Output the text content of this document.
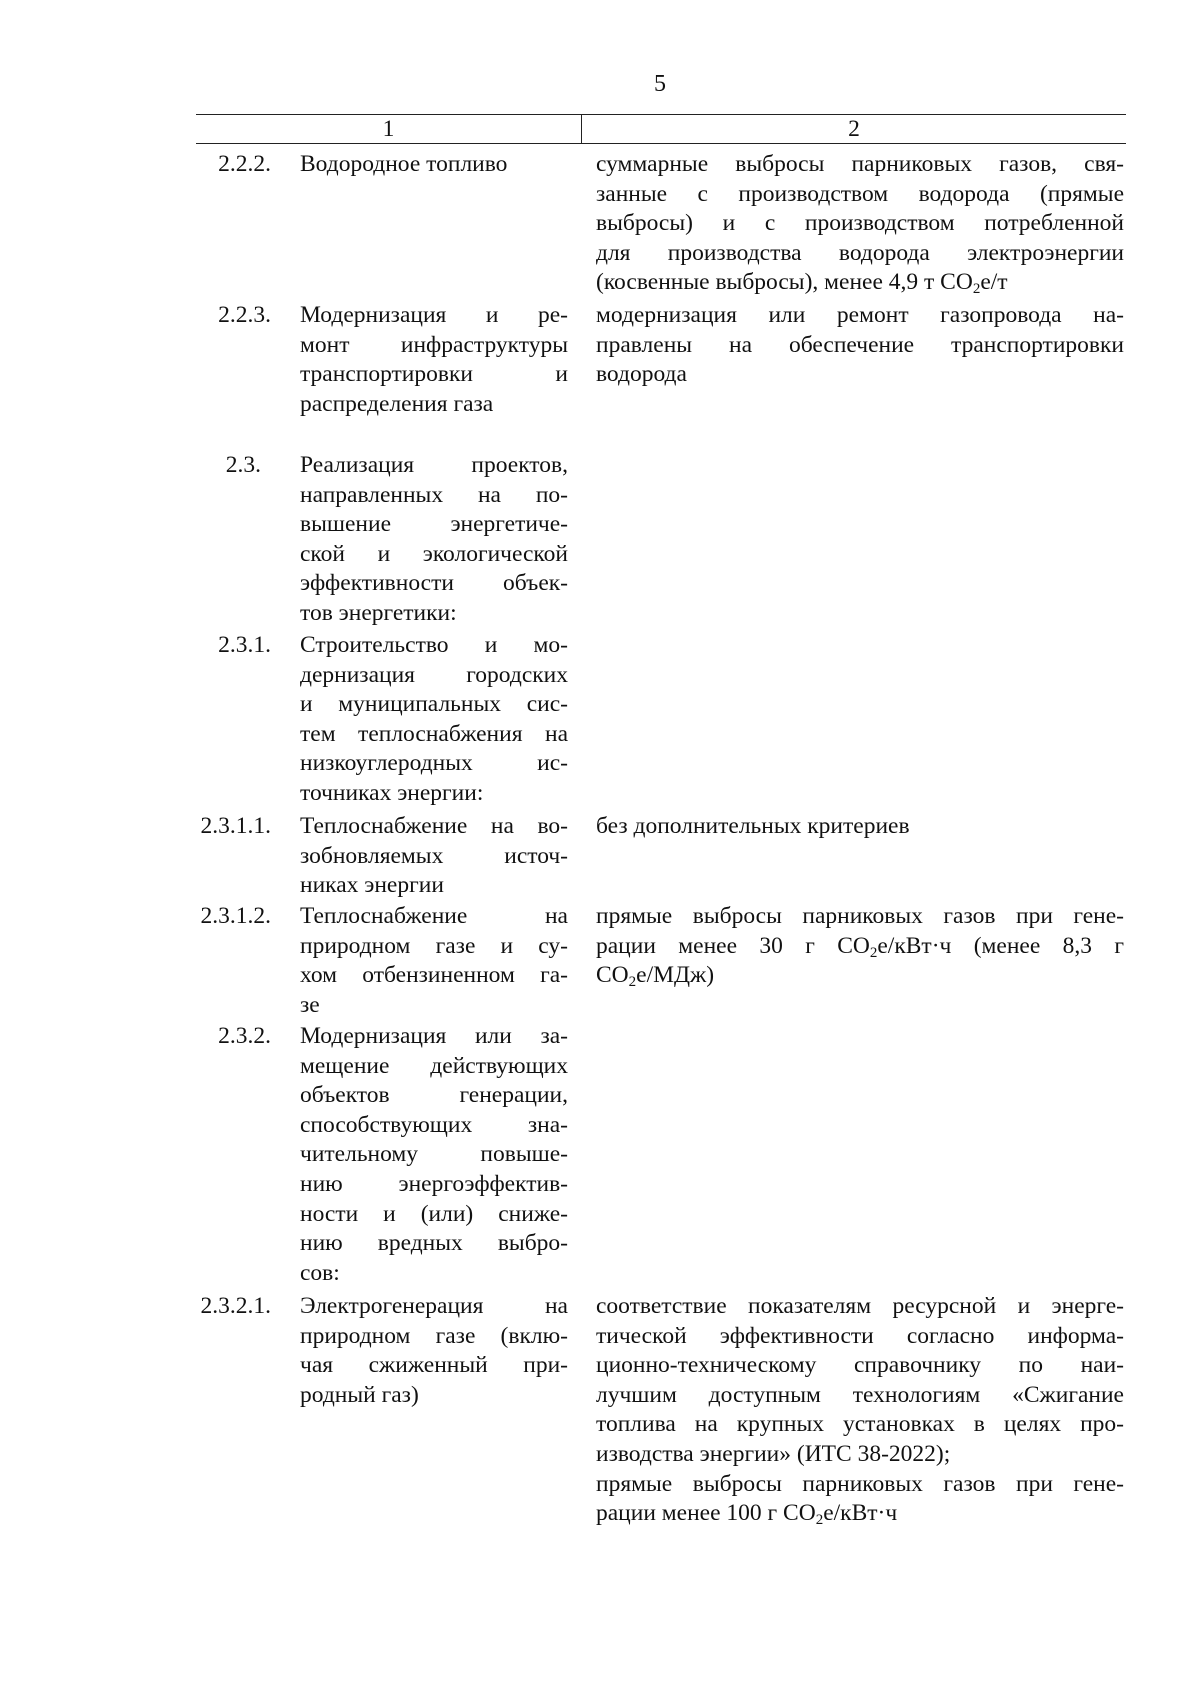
5
1	2
2.2.2. Водородное топливо	суммарные выбросы парниковых газов, свя-
занные с производством водорода (прямые
выбросы) и с производством потребленной
для производства водорода электроэнергии
(косвенные выбросы), менее 4,9 т $CO_2e/т$
2.2.3. Модернизация и ре-
монт инфраструктуры
транспортировки и
распределения газа
модернизация или ремонт газопровода на-
правлены на обеспечение транспортировки
водорода
2.3. Реализация проектов,
направленных на по-
вышение энергетиче-
ской и экологической
эффективности объек-
тов энергетики:
2.3.1. Строительство и мо-
дернизация городских
и муниципальных сис-
тем теплоснабжения на
низкоуглеродных ис-
точниках энергии:
2.3.1.1. Теплоснабжение на во-
зобновляемых источ-
никах энергии
без дополнительных критериев
2.3.1.2. Теплоснабжение на
природном газе и су-
хом отбензиненном га-
зе
прямые выбросы парниковых газов при гене-
рации менее 30 г $CO_2е/кВт\cdot ч$ (менее 8,3 г
$CO_2е/МДж$)
2.3.2. Модернизация или за-
мещение действующих
объектов генерации,
способствующих зна-
чительному повыше-
нию энергоэффектив-
ности и (или) сниже-
нию вредных выбро-
сов:
2.3.2.1. Электрогенерация на
природном газе (вклю-
чая сжиженный при-
родный газ)
соответствие показателям ресурсной и энерге-
тической эффективности согласно информа-
ционно-техническому справочнику по наи-
лучшим доступным технологиям «Сжигание
топлива на крупных установках в целях про-
изводства энергии» (ИТС 38-2022);
прямые выбросы парниковых газов при гене-
рации менее 100 г $CO_2е/кВт\cdot ч$
